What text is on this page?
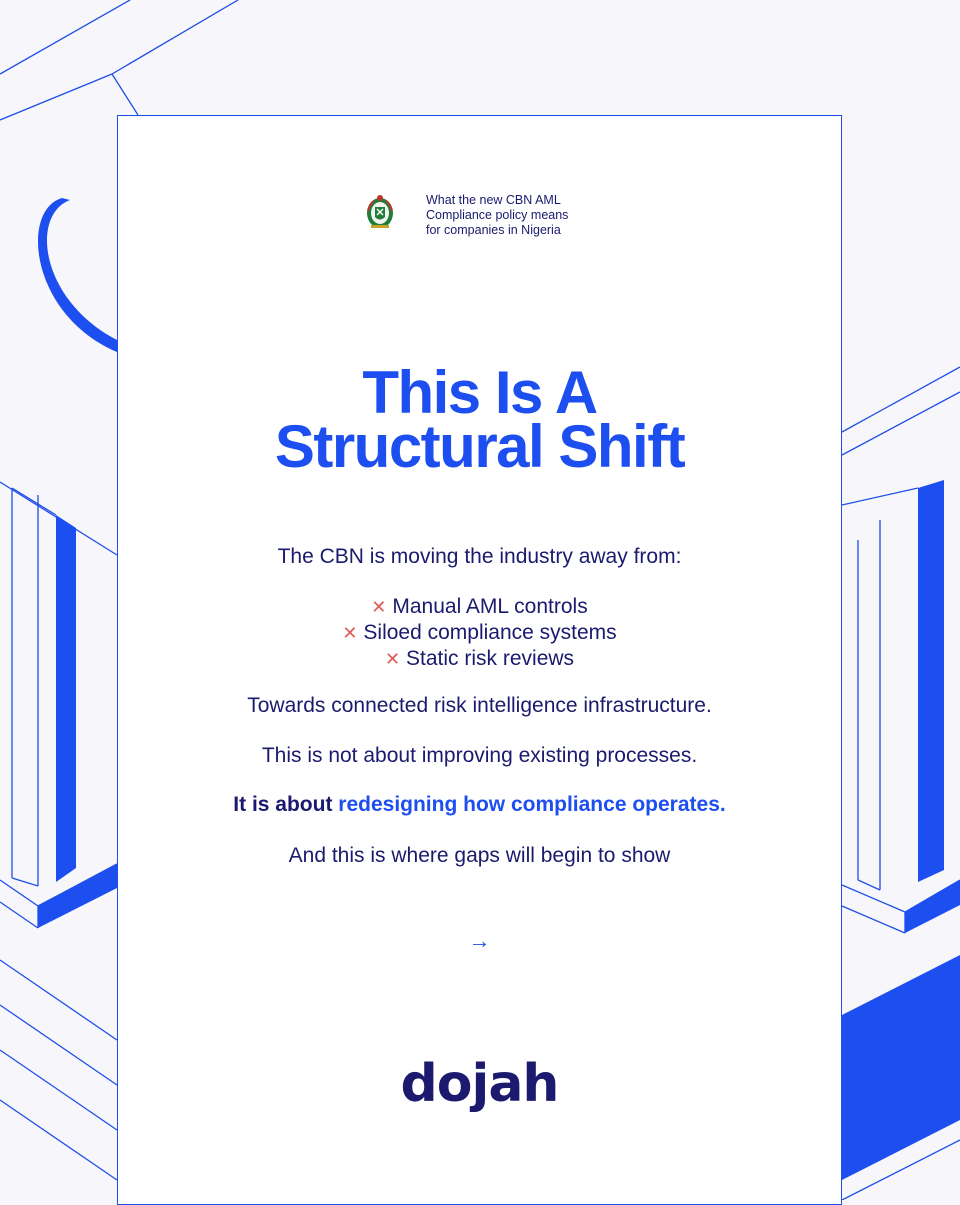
What the new CBN AML
Compliance policy means
for companies in Nigeria
This Is A
Structural Shift
The CBN is moving the industry away from:
✕ Manual AML controls
✕ Siloed compliance systems
✕ Static risk reviews
Towards connected risk intelligence infrastructure.
This is not about improving existing processes.
It is about redesigning how compliance operates.
And this is where gaps will begin to show
→
dojah
